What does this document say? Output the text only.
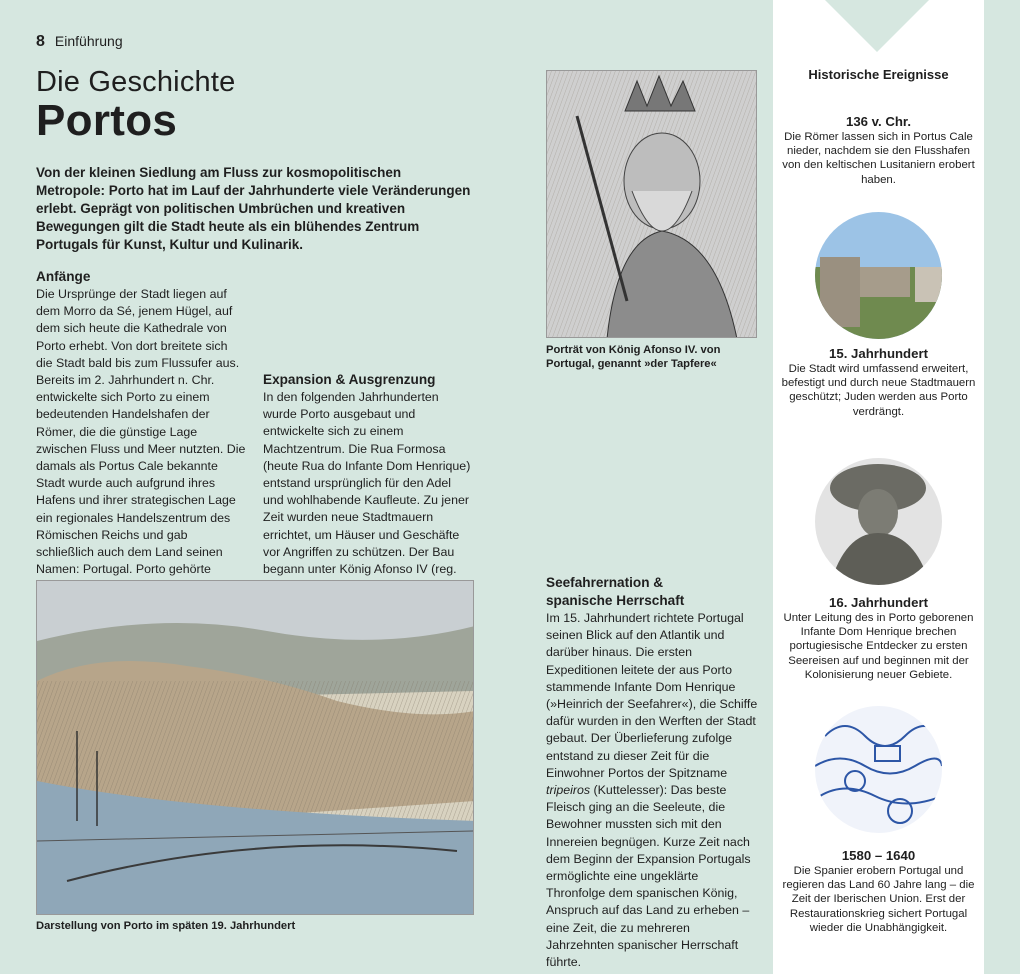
8 Einführung
Die Geschichte
Portos

Von der kleinen Siedlung am Fluss zur kosmopolitischen Metropole: Porto hat im Lauf der Jahrhunderte viele Veränderungen erlebt. Geprägt von politischen Umbrüchen und kreativen Bewegungen gilt die Stadt heute als ein blühendes Zentrum Portugals für Kunst, Kultur und Kulinarik.

Anfänge

Die Ursprünge der Stadt liegen auf dem Morro da Sé, jenem Hügel, auf dem sich heute die Kathedrale von Porto erhebt. Von dort breitete sich die Stadt bald bis zum Flussufer aus. Bereits im 2. Jahrhundert n. Chr. entwickelte sich Porto zu einem bedeutenden Handelshafen der Römer, die die günstige Lage zwischen Fluss und Meer nutzten. Die damals als Portus Cale bekannte Stadt wurde auch aufgrund ihres Hafens und ihrer strategischen Lage ein regionales Handelszentrum des Römischen Reichs und gab schließlich auch dem Land seinen Namen: Portugal. Porto gehörte

Expansion & Ausgrenzung

In den folgenden Jahrhunderten wurde Porto ausgebaut und entwickelte sich zu einem Machtzentrum. Die Rua Formosa (heute Rua do Infante Dom Henrique) entstand ursprünglich für den Adel und wohlhabende Kaufleute. Zu jener Zeit wurden neue Stadtmauern errichtet, um Häuser und Geschäfte vor Angriffen zu schützen. Der Bau begann unter König Afonso IV (reg.

Seefahrernation &
spanische Herrschaft

Im 15. Jahrhundert richtete Portugal seinen Blick auf den Atlantik und darüber hinaus. Die ersten Expeditionen leitete der aus Porto stammende Infante Dom Henrique (»Heinrich der Seefahrer«), die Schiffe dafür wurden in den Werften der Stadt gebaut. Der Überlieferung zufolge entstand zu dieser Zeit für die Einwohner Portos der Spitzname tripeiros (Kuttelesser): Das beste Fleisch ging an die Seeleute, die Bewohner mussten sich mit den Innereien begnügen. Kurze Zeit nach dem Beginn der Expansion Portugals ermöglichte eine ungeklärte Thronfolge dem spanischen König, Anspruch auf das Land zu erheben – eine Zeit, die zu mehreren Jahrzehnten spanischer Herrschaft führte.

Darstellung von Porto im späten 19. Jahrhundert
Porträt von König Afonso IV. von Portugal, genannt »der Tapfere«
Historische Ereignisse
136 v. Chr.
Die Römer lassen sich in Portus Cale nieder, nachdem sie den Flusshafen von den keltischen Lusitaniern erobert haben.
15. Jahrhundert
Die Stadt wird umfassend erweitert, befestigt und durch neue Stadtmauern geschützt; Juden werden aus Porto verdrängt.
16. Jahrhundert
Unter Leitung des in Porto geborenen Infante Dom Henrique brechen portugiesische Entdecker zu ersten Seereisen auf und beginnen mit der Kolonisierung neuer Gebiete.
1580 – 1640
Die Spanier erobern Portugal und regieren das Land 60 Jahre lang – die Zeit der Iberischen Union. Erst der Restaurationskrieg sichert Portugal wieder die Unabhängigkeit.
